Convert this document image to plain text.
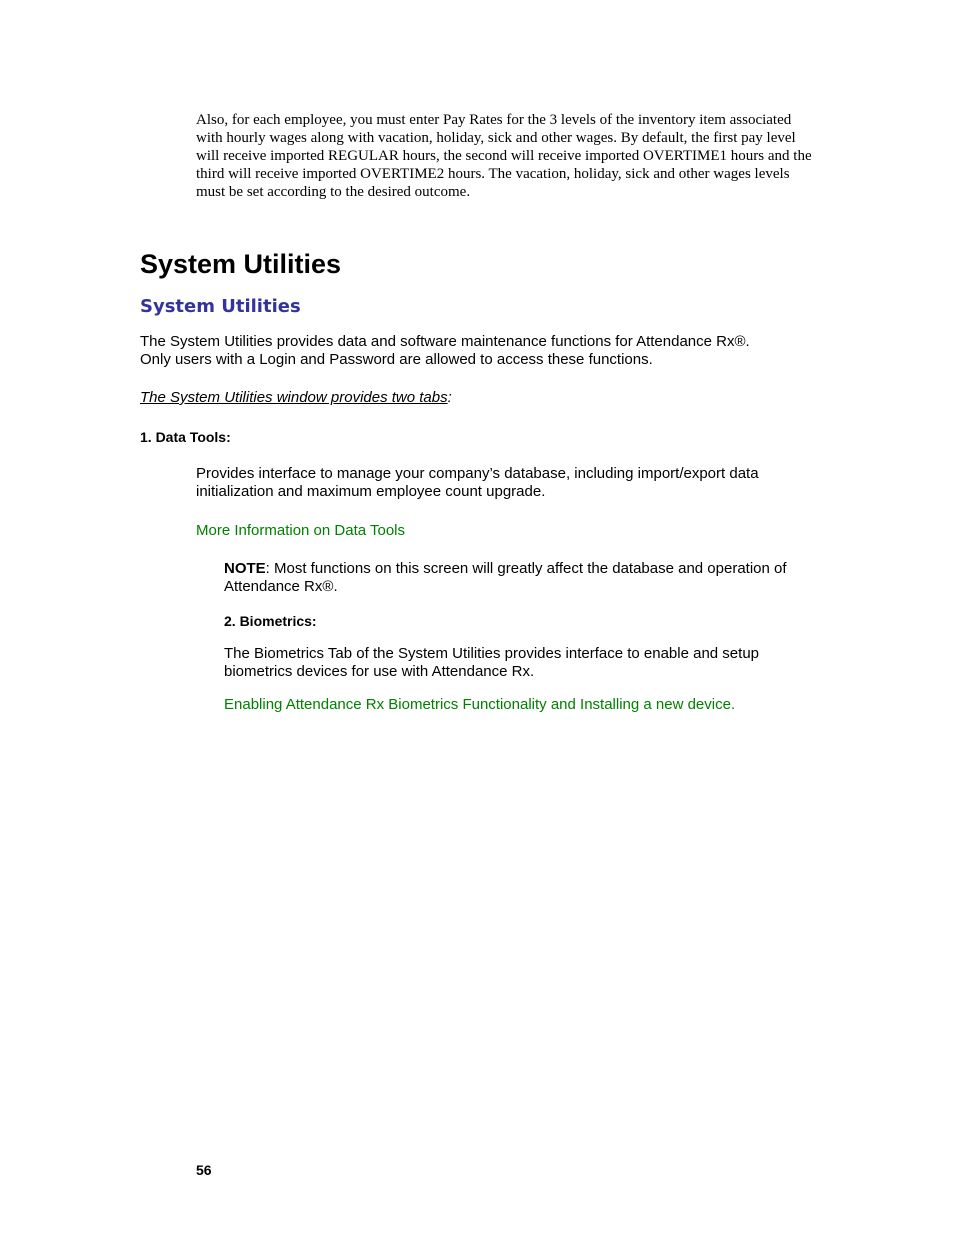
Also, for each employee, you must enter Pay Rates for the 3 levels of the inventory item associated with hourly wages along with vacation, holiday, sick and other wages. By default, the first pay level will receive imported REGULAR hours, the second will receive imported OVERTIME1 hours and the third will receive imported OVERTIME2 hours. The vacation, holiday, sick and other wages levels must be set according to the desired outcome.

System Utilities
System Utilities
The System Utilities provides data and software maintenance functions for Attendance Rx®.
Only users with a Login and Password are allowed to access these functions.

The System Utilities window provides two tabs:

1. Data Tools:

Provides interface to manage your company’s database, including import/export data initialization and maximum employee count upgrade.

More Information on Data Tools

NOTE: Most functions on this screen will greatly affect the database and operation of Attendance Rx®.

2. Biometrics:

The Biometrics Tab of the System Utilities provides interface to enable and setup biometrics devices for use with Attendance Rx.

Enabling Attendance Rx Biometrics Functionality and Installing a new device.

56
